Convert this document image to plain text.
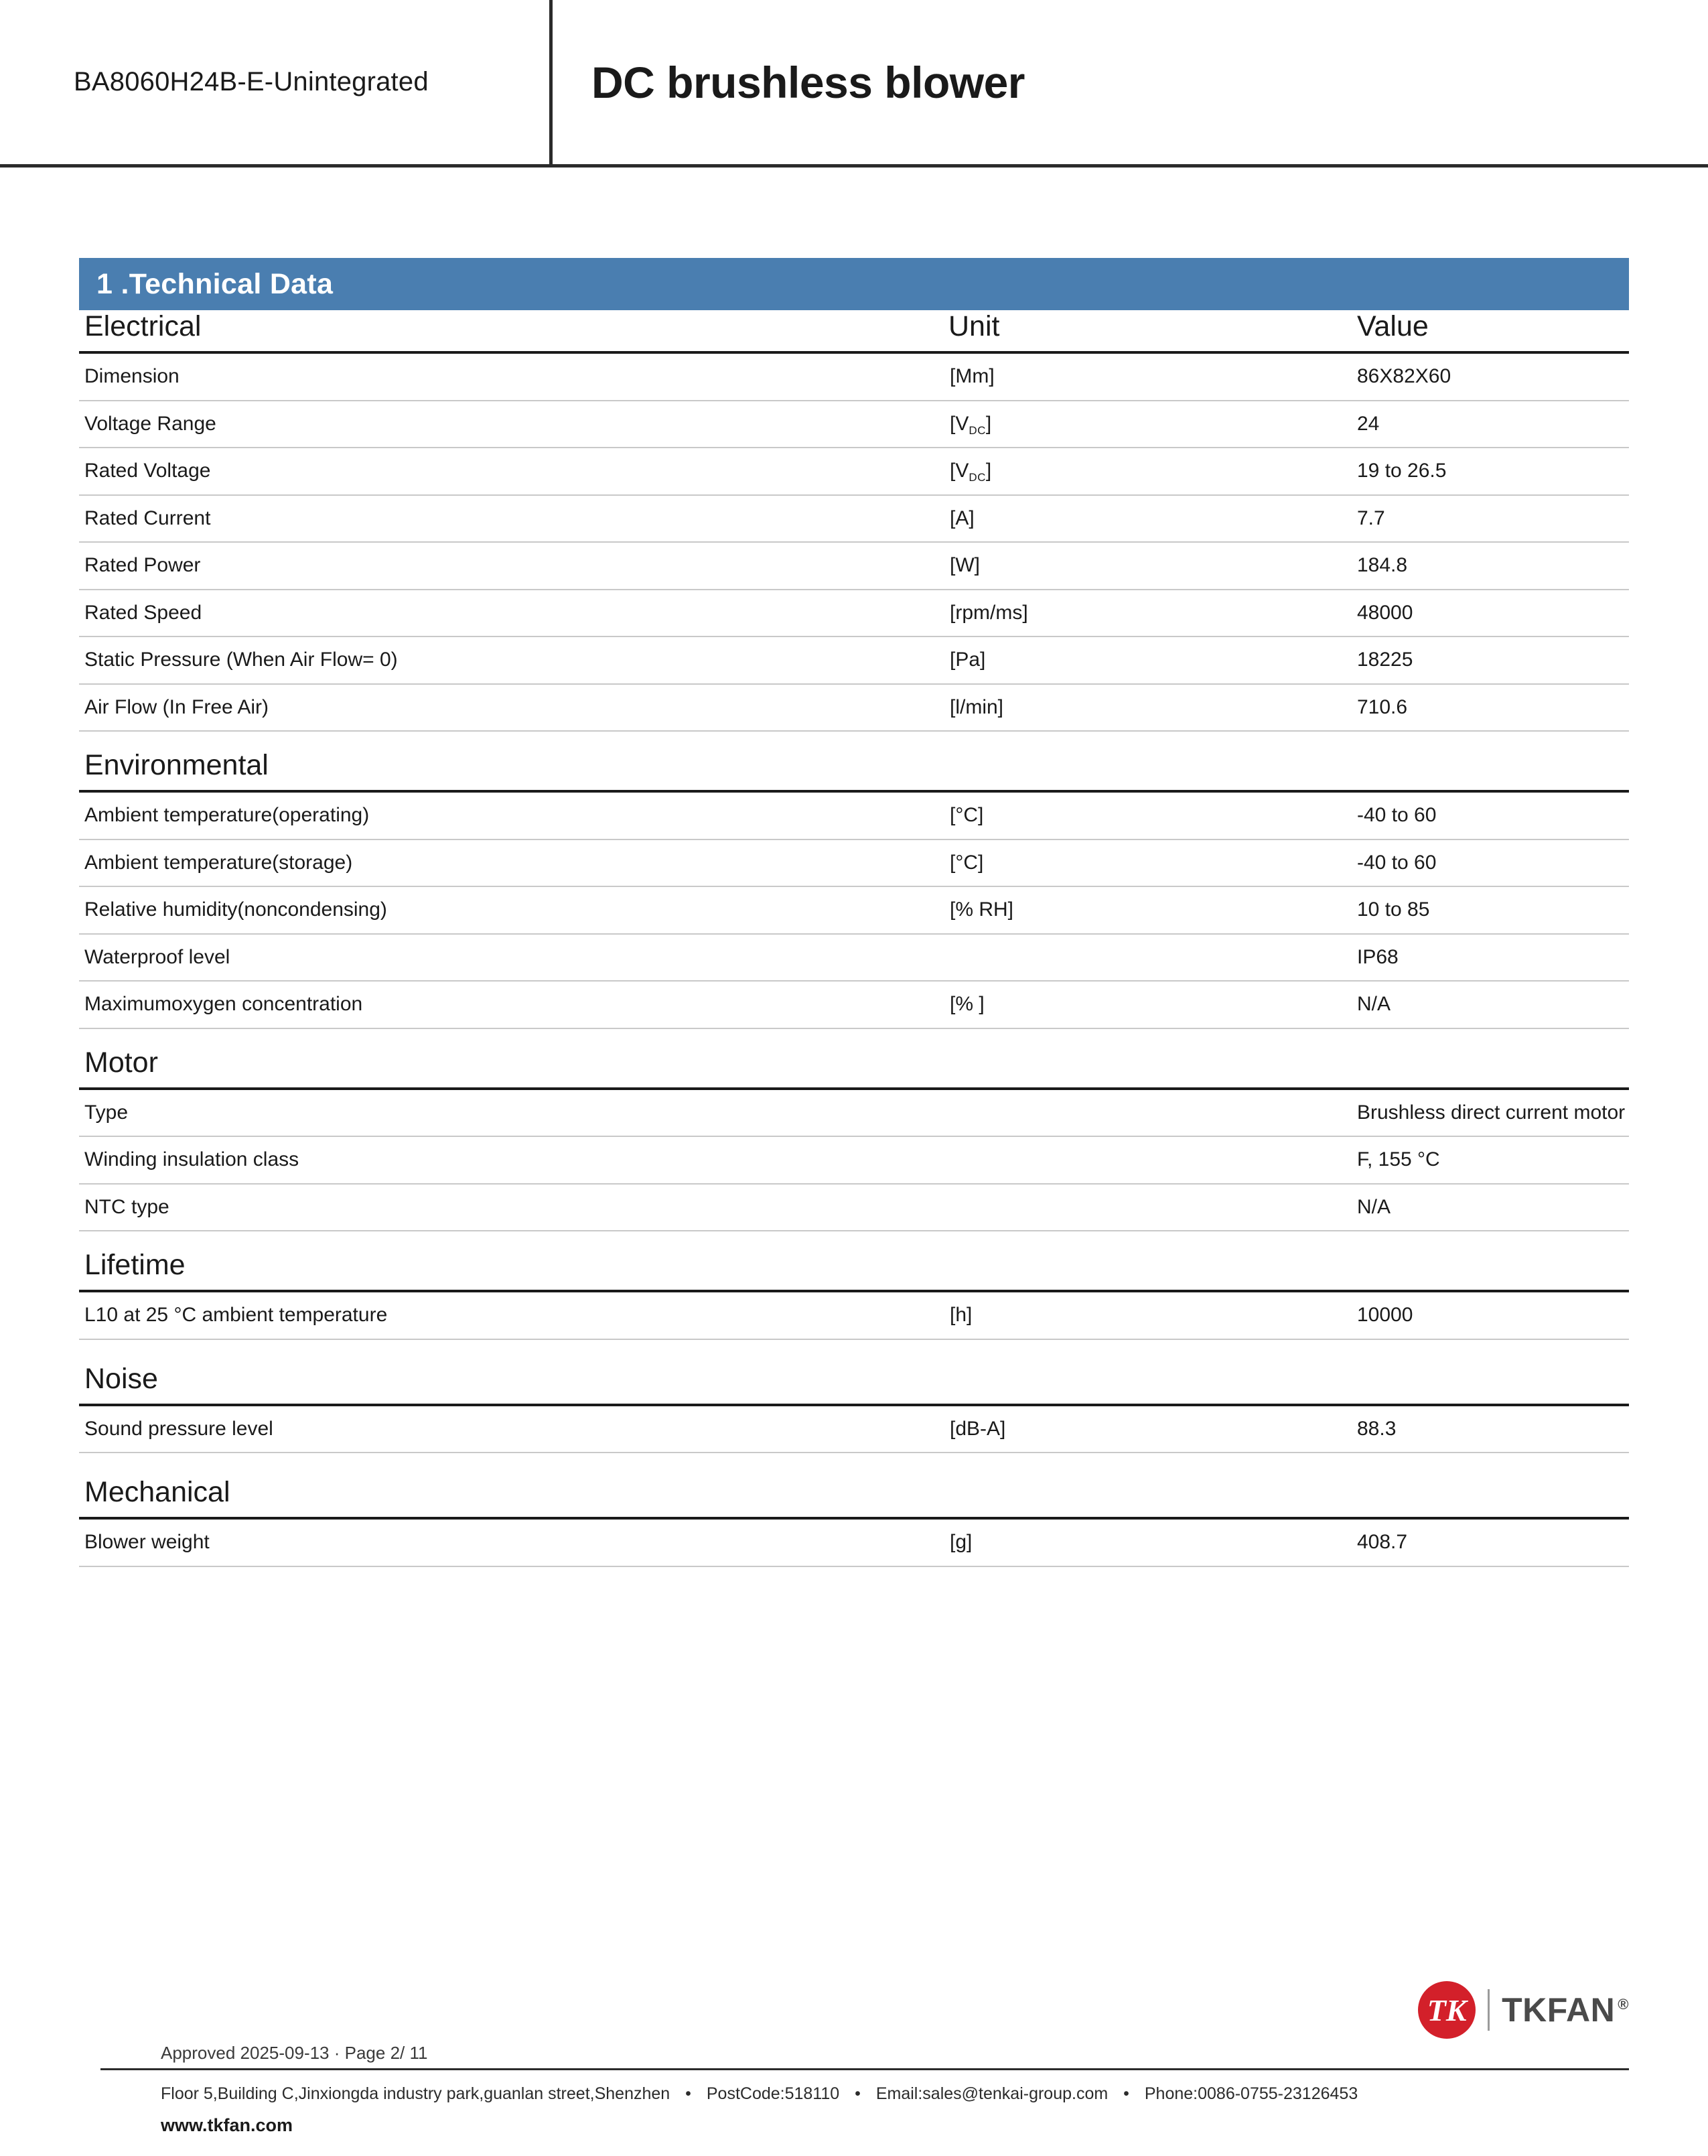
BA8060H24B-E-Unintegrated	DC brushless blower
1 .Technical Data
Electrical	Unit	Value
Dimension	[Mm]	86X82X60
Voltage Range	$[V_{DC}]$	24
Rated Voltage	$[V_{DC}]$	19 to 26.5
Rated Current	[A]	7.7
Rated Power	[W]	184.8
Rated Speed	[rpm/ms]	48000
Static Pressure (When Air Flow= 0)	[Pa]	18225
Air Flow (In Free Air)	[l/min]	710.6
Environmental
Ambient temperature(operating)	[°C]	-40 to 60
Ambient temperature(storage)	[°C]	-40 to 60
Relative humidity(noncondensing)	[% RH]	10 to 85
Waterproof level		IP68
Maximumoxygen concentration	[% ]	N/A
Motor
Type		Brushless direct current motor
Winding insulation class		F, 155 °C
NTC type		N/A
Lifetime
L10 at 25 °C ambient temperature	[h]	10000
Noise
Sound pressure level	[dB-A]	88.3
Mechanical
Blower weight	[g]	408.7
TK TKFAN ®
Approved 2025-09-13 · Page 2/ 11
Floor 5,Building C,Jinxiongda industry park,guanlan street,Shenzhen • PostCode:518110 • Email:sales@tenkai-group.com • Phone:0086-0755-23126453
www.tkfan.com
